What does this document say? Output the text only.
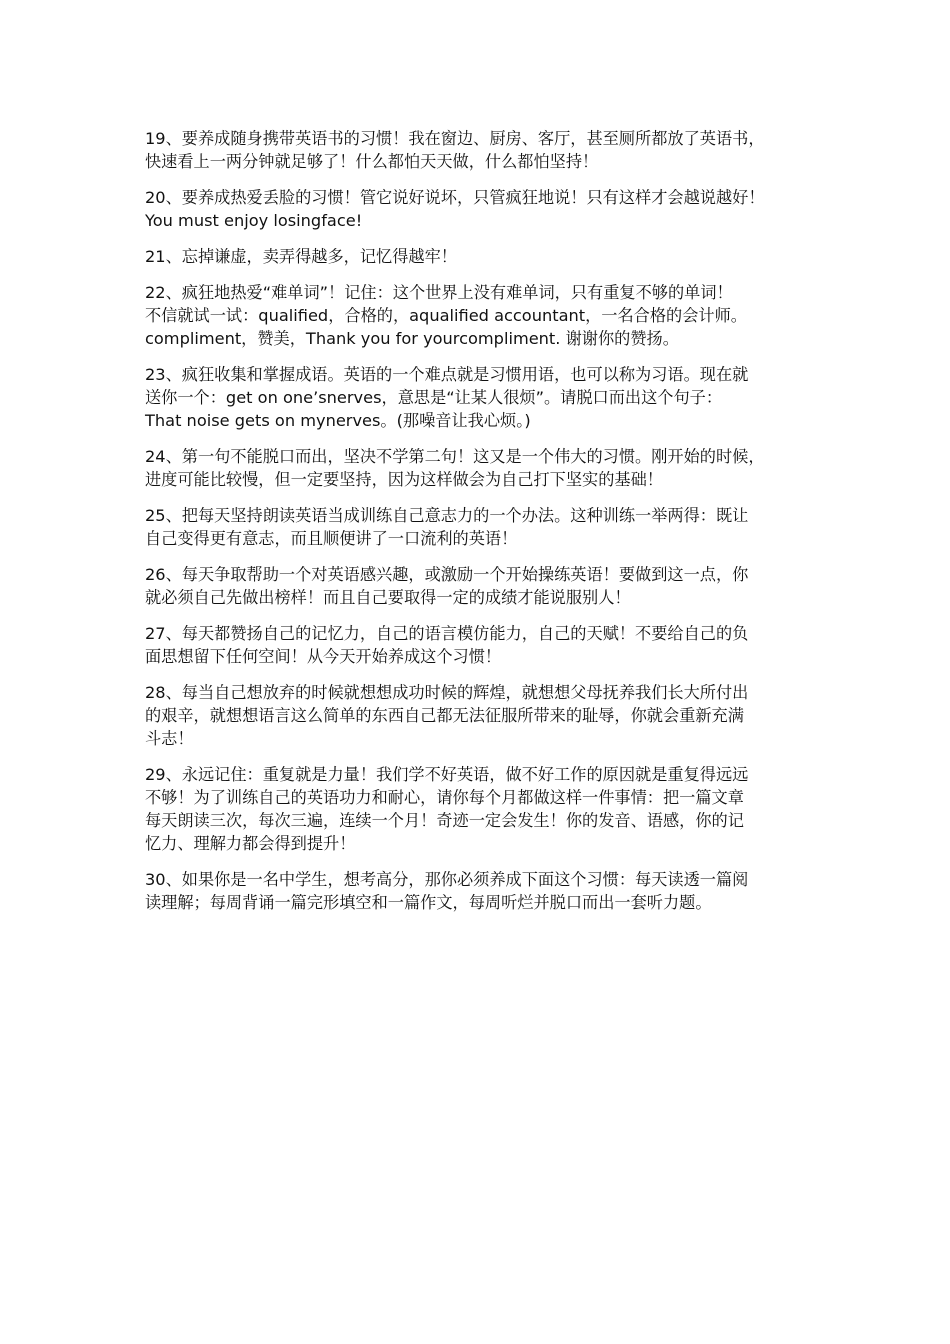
19、要养成随身携带英语书的习惯！我在窗边、厨房、客厅，甚至厕所都放了英语书，
快速看上一两分钟就足够了！什么都怕天天做，什么都怕坚持！

20、要养成热爱丢脸的习惯！管它说好说坏，只管疯狂地说！只有这样才会越说越好！
You must enjoy losingface!

21、忘掉谦虚，卖弄得越多，记忆得越牢！

22、疯狂地热爱“难单词”！记住：这个世界上没有难单词，只有重复不够的单词！
不信就试一试：qualified，合格的，aqualified accountant，一名合格的会计师。
compliment，赞美，Thank you for yourcompliment. 谢谢你的赞扬。

23、疯狂收集和掌握成语。英语的一个难点就是习惯用语，也可以称为习语。现在就
送你一个：get on one’snerves，意思是“让某人很烦”。请脱口而出这个句子：
That noise gets on mynerves。(那噪音让我心烦。)

24、第一句不能脱口而出，坚决不学第二句！这又是一个伟大的习惯。刚开始的时候，
进度可能比较慢，但一定要坚持，因为这样做会为自己打下坚实的基础！

25、把每天坚持朗读英语当成训练自己意志力的一个办法。这种训练一举两得：既让
自己变得更有意志，而且顺便讲了一口流利的英语！

26、每天争取帮助一个对英语感兴趣，或激励一个开始操练英语！要做到这一点，你
就必须自己先做出榜样！而且自己要取得一定的成绩才能说服别人！

27、每天都赞扬自己的记忆力，自己的语言模仿能力，自己的天赋！不要给自己的负
面思想留下任何空间！从今天开始养成这个习惯！

28、每当自己想放弃的时候就想想成功时候的辉煌，就想想父母抚养我们长大所付出
的艰辛，就想想语言这么简单的东西自己都无法征服所带来的耻辱，你就会重新充满
斗志！

29、永远记住：重复就是力量！我们学不好英语，做不好工作的原因就是重复得远远
不够！为了训练自己的英语功力和耐心，请你每个月都做这样一件事情：把一篇文章
每天朗读三次，每次三遍，连续一个月！奇迹一定会发生！你的发音、语感，你的记
忆力、理解力都会得到提升！

30、如果你是一名中学生，想考高分，那你必须养成下面这个习惯：每天读透一篇阅
读理解；每周背诵一篇完形填空和一篇作文，每周听烂并脱口而出一套听力题。
